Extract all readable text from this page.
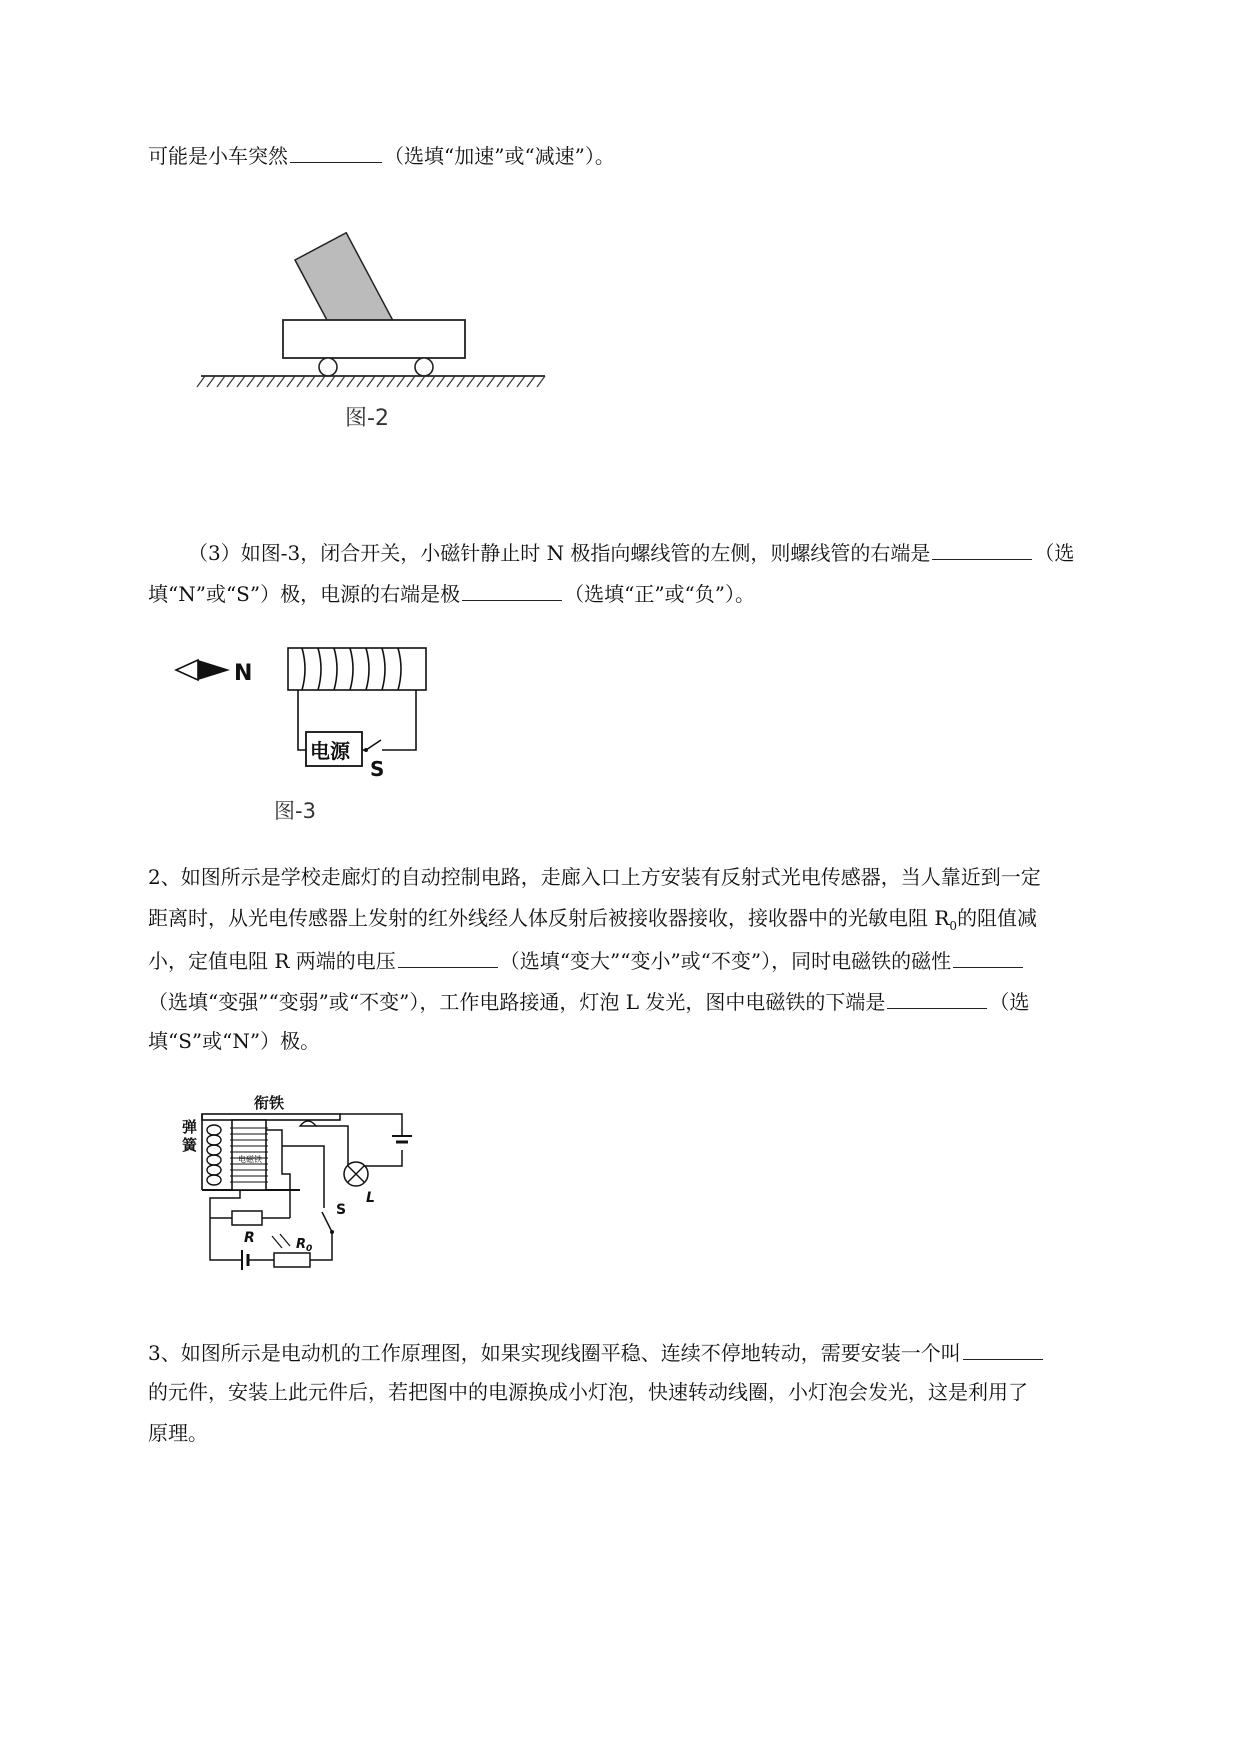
可能是小车突然	（选填“加速”或“减速”）。
图-2
（3）如图-3，闭合开关，小磁针静止时 N 极指向螺线管的左侧，则螺线管的右端是	（选
填“N”或“S”）极，电源的右端是极	（选填“正”或“负”）。
N
电源
S
图-3
2、如图所示是学校走廊灯的自动控制电路，走廊入口上方安装有反射式光电传感器，当人靠近到一定
距离时，从光电传感器上发射的红外线经人体反射后被接收器接收，接收器中的光敏电阻 $R_0$的阻值减
小，定值电阻 R 两端的电压	（选填“变大”“变小”或“不变”），同时电磁铁的磁性
（选填“变强”“变弱”或“不变”），工作电路接通，灯泡 L 发光，图中电磁铁的下端是	（选
填“S”或“N”）极。
衔铁
弹
簧
电磁铁
R	$R_0$
S
L
3、如图所示是电动机的工作原理图，如果实现线圈平稳、连续不停地转动，需要安装一个叫
的元件，安装上此元件后，若把图中的电源换成小灯泡，快速转动线圈，小灯泡会发光，这是利用了
原理。
